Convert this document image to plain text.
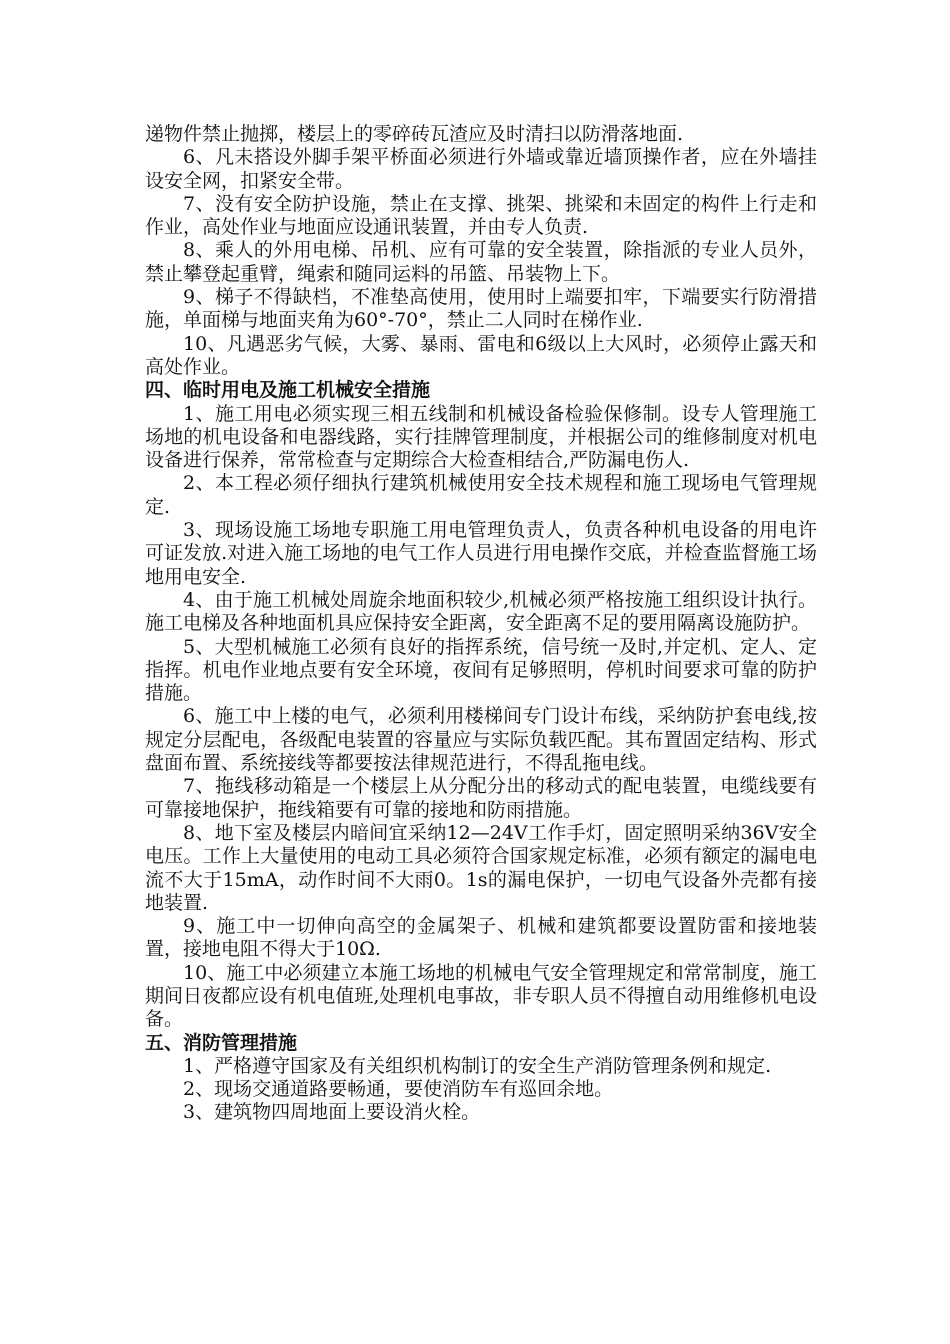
递物件禁止抛掷，楼层上的零碎砖瓦渣应及时清扫以防滑落地面.

6、凡未搭设外脚手架平桥面必须进行外墙或靠近墙顶操作者，应在外墙挂设安全网，扣紧安全带。

7、没有安全防护设施，禁止在支撑、挑架、挑梁和未固定的构件上行走和作业，高处作业与地面应设通讯装置，并由专人负责.

8、乘人的外用电梯、吊机、应有可靠的安全装置，除指派的专业人员外，禁止攀登起重臂，绳索和随同运料的吊篮、吊装物上下。

9、梯子不得缺档，不准垫高使用，使用时上端要扣牢，下端要实行防滑措施，单面梯与地面夹角为60°-70°，禁止二人同时在梯作业.

10、凡遇恶劣气候，大雾、暴雨、雷电和6级以上大风时，必须停止露天和高处作业。

四、临时用电及施工机械安全措施

1、施工用电必须实现三相五线制和机械设备检验保修制。设专人管理施工场地的机电设备和电器线路，实行挂牌管理制度，并根据公司的维修制度对机电设备进行保养，常常检查与定期综合大检查相结合,严防漏电伤人.

2、本工程必须仔细执行建筑机械使用安全技术规程和施工现场电气管理规定.

3、现场设施工场地专职施工用电管理负责人，负责各种机电设备的用电许可证发放.对进入施工场地的电气工作人员进行用电操作交底，并检查监督施工场地用电安全.

4、由于施工机械处周旋余地面积较少,机械必须严格按施工组织设计执行。施工电梯及各种地面机具应保持安全距离，安全距离不足的要用隔离设施防护。

5、大型机械施工必须有良好的指挥系统，信号统一及时,并定机、定人、定指挥。机电作业地点要有安全环境，夜间有足够照明，停机时间要求可靠的防护措施。

6、施工中上楼的电气，必须利用楼梯间专门设计布线，采纳防护套电线,按规定分层配电，各级配电装置的容量应与实际负载匹配。其布置固定结构、形式盘面布置、系统接线等都要按法律规范进行，不得乱拖电线。

7、拖线移动箱是一个楼层上从分配分出的移动式的配电装置，电缆线要有可靠接地保护，拖线箱要有可靠的接地和防雨措施。

8、地下室及楼层内暗间宜采纳12—24V工作手灯，固定照明采纳36V安全电压。工作上大量使用的电动工具必须符合国家规定标准，必须有额定的漏电电流不大于15mA，动作时间不大雨0。1s的漏电保护，一切电气设备外壳都有接地装置.

9、施工中一切伸向高空的金属架子、机械和建筑都要设置防雷和接地装置，接地电阻不得大于10Ω.

10、施工中必须建立本施工场地的机械电气安全管理规定和常常制度，施工期间日夜都应设有机电值班,处理机电事故，非专职人员不得擅自动用维修机电设备。

五、消防管理措施

1、严格遵守国家及有关组织机构制订的安全生产消防管理条例和规定.

2、现场交通道路要畅通，要使消防车有巡回余地。

3、建筑物四周地面上要设消火栓。
